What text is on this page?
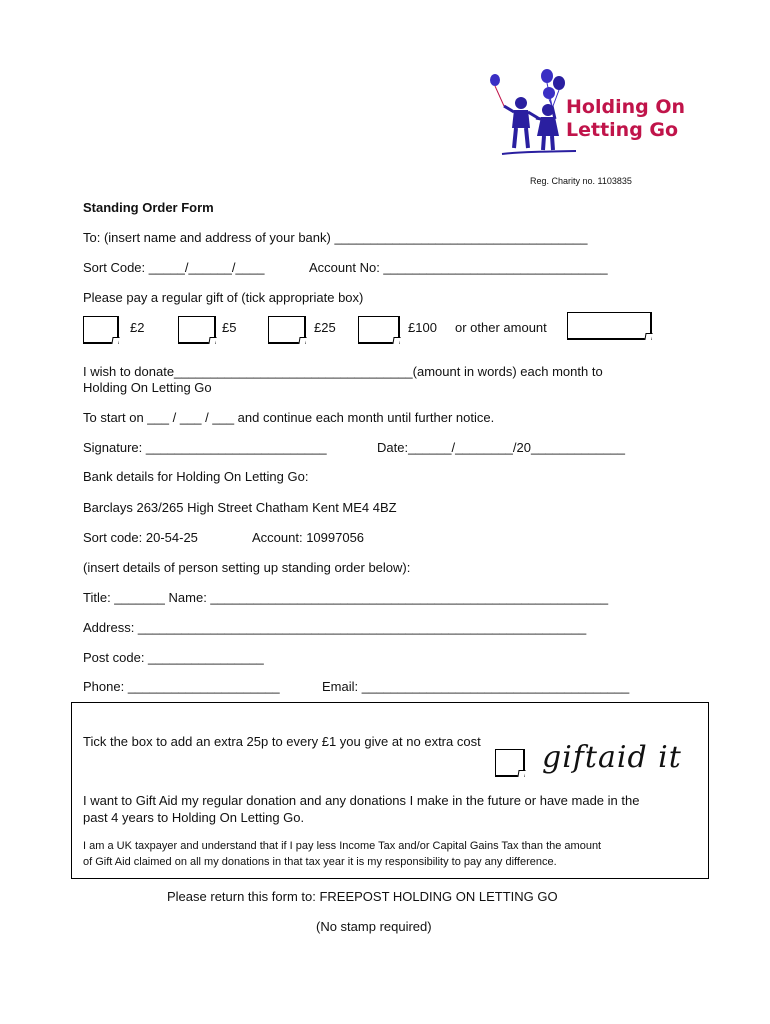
Holding On
Letting Go
Reg. Charity no. 1103835
Standing Order Form
To: (insert name and address of your bank) ___________________________________
Sort Code: _____/______/____	Account No: _______________________________
Please pay a regular gift of (tick appropriate box)
£2	£5	£25	£100 or other amount
I wish to donate_________________________________(amount in words) each month to
Holding On Letting Go
To start on ___ / ___ / ___ and continue each month until further notice.
Signature: _________________________	Date:______/________/20_____________
Bank details for Holding On Letting Go:
Barclays 263/265 High Street Chatham Kent ME4 4BZ
Sort code: 20-54-25	Account: 10997056
(insert details of person setting up standing order below):
Title: _______ Name: _______________________________________________________
Address: ______________________________________________________________
Post code: ________________
Phone: _____________________	Email: _____________________________________
Tick the box to add an extra 25p to every £1 you give at no extra cost giftaid it
I want to Gift Aid my regular donation and any donations I make in the future or have made in the
past 4 years to Holding On Letting Go.
I am a UK taxpayer and understand that if I pay less Income Tax and/or Capital Gains Tax than the amount
of Gift Aid claimed on all my donations in that tax year it is my responsibility to pay any difference.
Please return this form to: FREEPOST HOLDING ON LETTING GO
(No stamp required)
